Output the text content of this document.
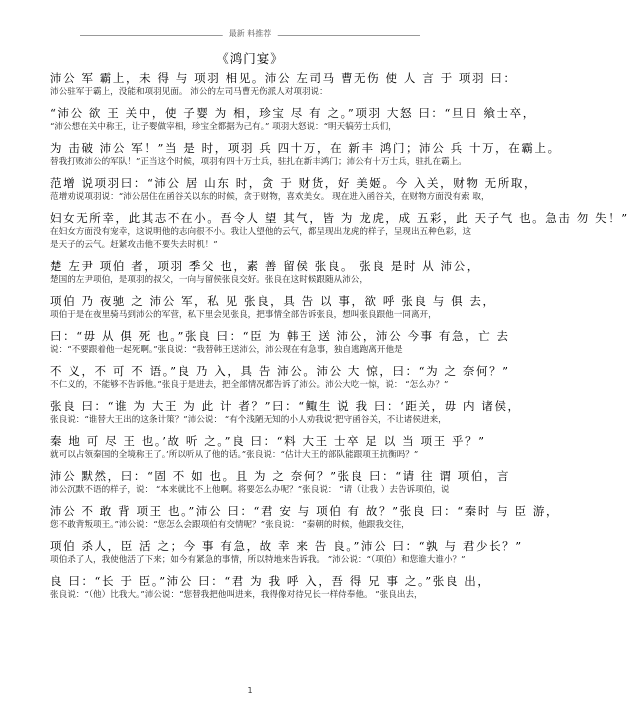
最新 料推荐
《鸿门宴》
沛公 军 霸上，未 得 与 项羽 相见。沛公 左司马 曹无伤 使 人 言 于 项羽 曰：
沛公驻军于霸上，没能和项羽见面。 沛公的左司马曹无伤派人对项羽说：
“沛公 欲 王 关中，使 子婴 为 相，珍宝 尽 有 之。”项羽 大怒 曰：“旦日 飨士卒，
“沛公想在关中称王，让子婴做宰相，珍宝全都据为己有。” 项羽大怒说：“明天犒劳士兵们，
为 击破 沛公 军！”当 是 时，项羽 兵 四十万，在 新丰 鸿门；沛公 兵 十万，在霸上。
替我打败沛公的军队！”正当这个时候，项羽有四十万士兵，驻扎在新丰鸿门；沛公有十万士兵，驻扎在霸上。
范增 说项羽曰：“沛公 居 山东 时，贪 于 财货，好 美姬。今 入关，财物 无所取，
范增劝说项羽说：“沛公居住在函谷关以东的时候，贪于财物，喜欢美女。 现在进入函谷关，在财物方面没有索 取，
妇女无所幸，此其志不在小。吾令人 望 其气，皆 为 龙虎，成 五彩，此 天子气 也。急击 勿 失！”
在妇女方面没有宠幸，这说明他的志向很不小。我让人望他的云气，都呈现出龙虎的样子，呈现出五种色彩，这
是天子的云气。赶紧攻击他不要失去时机！”
楚 左尹 项伯 者，项羽 季父 也，素 善 留侯 张良。 张良 是时 从 沛公，
楚国的左尹项伯，是项羽的叔父，一向与留侯张良交好。张良在这时候跟随从沛公，
项伯 乃 夜驰 之 沛公 军，私 见 张良，具 告 以 事，欲 呼 张良 与 俱 去，
项伯于是在夜里骑马到沛公的军营，私下里会见张良，把事情全部告诉张良，想叫张良跟他一同离开，
曰：“毋 从 俱 死 也。”张良 曰：“臣 为 韩王 送 沛公，沛公 今事 有急，亡 去
说：“不要跟着他一起死啊。”张良说：“我替韩王送沛公，沛公现在有急事，独自逃跑离开他是
不 义，不 可 不 语。”良 乃 入，具 告 沛公。沛公 大 惊，曰：“为 之 奈何？”
不仁义的，不能够不告诉他。”张良于是进去，把全部情况都告诉了沛公。沛公大吃一惊，说： “怎么办？”
张良 曰：“谁 为 大王 为 此 计 者？”曰：“鲰生 说 我 曰：‘距关，毋 内 诸侯，
张良说：“谁替大王出的这条计策？”沛公说： “有个浅陋无知的小人劝我说‘把守函谷关，不让诸侯进来，
秦 地 可 尽 王 也。’故 听 之。”良 曰：“料 大王 士卒 足 以 当 项王 乎？”
就可以占领秦国的全境称王了。’所以听从了他的话。”张良说：“估计大王的部队能跟项王抗衡吗？”
沛公 默然，曰：“固 不 如 也。且 为 之 奈何？”张良 曰：“请 往 谓 项伯，言
沛公沉默不语的样子，说： “本来就比不上他啊。将要怎么办呢？”张良说： “请（让我 ）去告诉项伯，说
沛公 不 敢 背 项王 也。”沛公 曰：“君 安 与 项伯 有 故？”张良 曰：“秦时 与 臣 游，
您不敢背叛项王。”沛公说：“您怎么会跟项伯有交情呢？”张良说： “秦朝的时候，他跟我交往，
项伯 杀人，臣 活 之；今 事 有急，故 幸 来 告 良。”沛公 曰：“孰 与 君少长？”
项伯杀了人，我使他活了下来；如今有紧急的事情，所以特地来告诉我。 ”沛公说：“（项伯）和您谁大谁小？”
良 曰：“长 于 臣。”沛公 曰：“君 为 我 呼 入，吾 得 兄 事 之。”张良 出，
张良说：“（他）比我大。”沛公说：“您替我把他叫进来，我得像对待兄长一样侍奉他。 ”张良出去，
1
